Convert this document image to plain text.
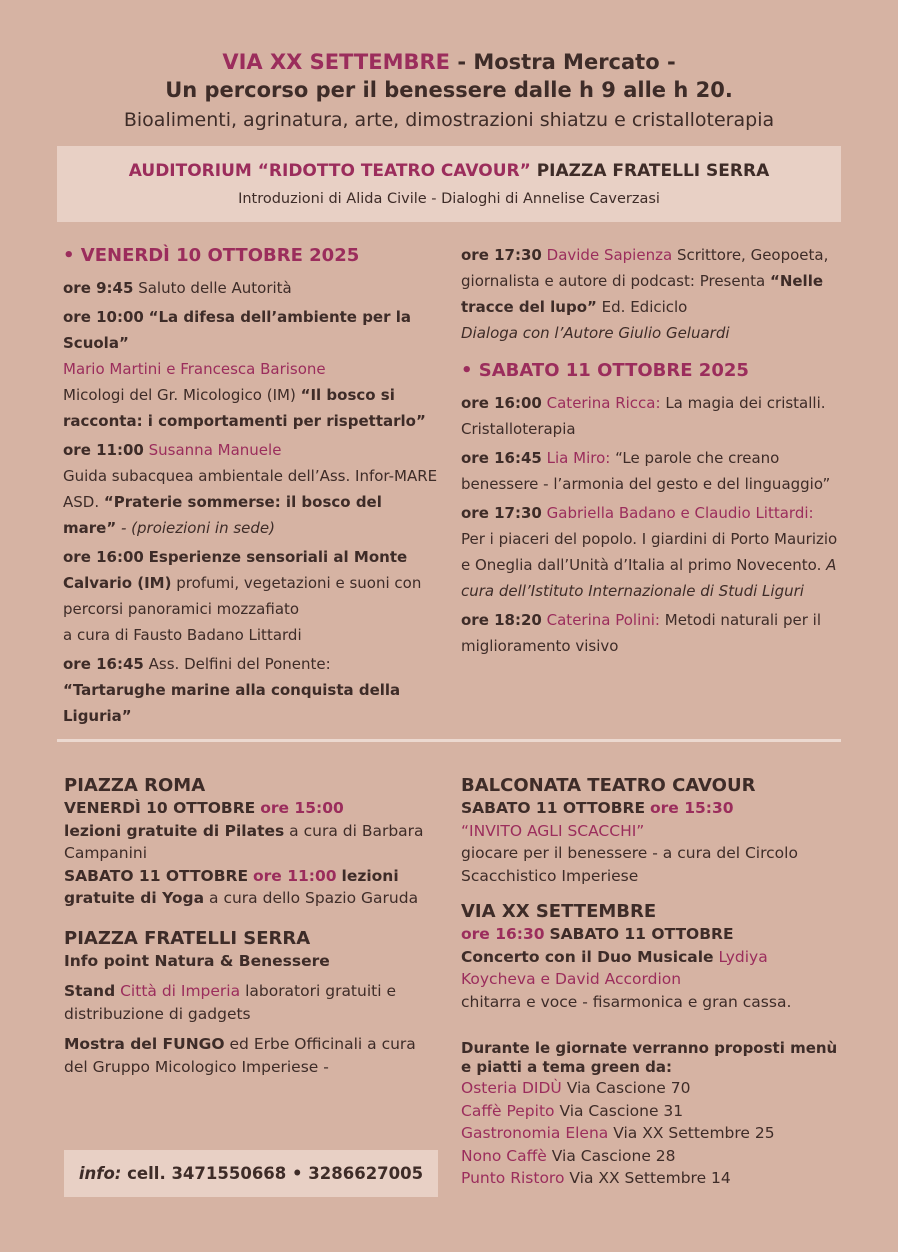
VIA XX SETTEMBRE - Mostra Mercato -
Un percorso per il benessere dalle h 9 alle h 20.
Bioalimenti, agrinatura, arte, dimostrazioni shiatzu e cristalloterapia
AUDITORIUM “RIDOTTO TEATRO CAVOUR” PIAZZA FRATELLI SERRA
Introduzioni di Alida Civile - Dialoghi di Annelise Caverzasi

• VENERDÌ 10 OTTOBRE 2025

ore 9:45 Saluto delle Autorità

ore 10:00 “La difesa dell’ambiente per la Scuola”
Mario Martini e Francesca Barisone
Micologi del Gr. Micologico (IM) “Il bosco si racconta: i comportamenti per rispettarlo”

ore 11:00 Susanna Manuele
Guida subacquea ambientale dell’Ass. Infor-MARE ASD. “Praterie sommerse: il bosco del mare” - (proiezioni in sede)

ore 16:00 Esperienze sensoriali al Monte Calvario (IM) profumi, vegetazioni e suoni con percorsi panoramici mozzafiato
a cura di Fausto Badano Littardi

ore 16:45 Ass. Delfini del Ponente: “Tartarughe marine alla conquista della Liguria”

ore 17:30 Davide Sapienza Scrittore, Geopoeta, giornalista e autore di podcast: Presenta “Nelle tracce del lupo” Ed. Ediciclo
Dialoga con l’Autore Giulio Geluardi

• SABATO 11 OTTOBRE 2025

ore 16:00 Caterina Ricca: La magia dei cristalli. Cristalloterapia

ore 16:45 Lia Miro: “Le parole che creano benessere - l’armonia del gesto e del linguaggio”

ore 17:30 Gabriella Badano e Claudio Littardi: Per i piaceri del popolo. I giardini di Porto Maurizio e Oneglia dall’Unità d’Italia al primo Novecento. A cura dell’Istituto Internazionale di Studi Liguri

ore 18:20 Caterina Polini: Metodi naturali per il miglioramento visivo

PIAZZA ROMA

VENERDÌ 10 OTTOBRE ore 15:00
lezioni gratuite di Pilates a cura di Barbara Campanini

SABATO 11 OTTOBRE ore 11:00 lezioni gratuite di Yoga a cura dello Spazio Garuda

PIAZZA FRATELLI SERRA

Info point Natura & Benessere

Stand Città di Imperia laboratori gratuiti e distribuzione di gadgets

Mostra del FUNGO ed Erbe Officinali a cura del Gruppo Micologico Imperiese -

info: cell. 3471550668 • 3286627005
BALCONATA TEATRO CAVOUR

SABATO 11 OTTOBRE ore 15:30
“INVITO AGLI SCACCHI”
giocare per il benessere - a cura del Circolo Scacchistico Imperiese

VIA XX SETTEMBRE

ore 16:30 SABATO 11 OTTOBRE
Concerto con il Duo Musicale Lydiya Koycheva e David Accordion
chitarra e voce - fisarmonica e gran cassa.

Durante le giornate verranno proposti menù e piatti a tema green da:

Osteria DIDÙ Via Cascione 70
Caffè Pepito Via Cascione 31
Gastronomia Elena Via XX Settembre 25
Nono Caffè Via Cascione 28
Punto Ristoro Via XX Settembre 14
